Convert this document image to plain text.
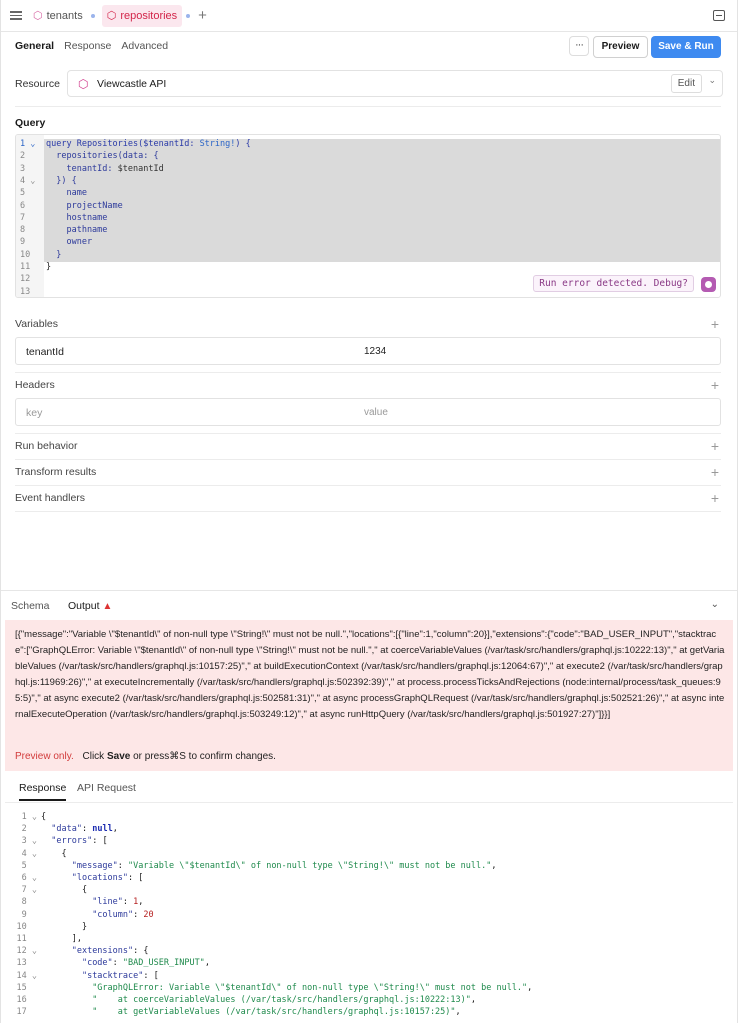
⬡ tenants ⬡ repositories +
General Response Advanced	···	Preview	Save & Run
Resource ⬡ Viewcastle API	Edit	⌄
Query
1 ⌄	query Repositories($tenantId: String!) {
2	repositories(data: {
3	tenantId: $tenantId
4 ⌄	}) {
5	name
6	projectName
7	hostname
8	pathname
9	owner
10	}
11	}
12
13
Run error detected. Debug?
Variables	+
tenantId	1234
Headers	+
key	value
Run behavior	+
Transform results	+
Event handlers	+
Schema Output ▲	⌄
[{"message":"Variable \"$tenantId\" of non-null type \"String!\" must not be null.","locations":[{"line":1,"column":20}],"extensions":{"code":"BAD_USER_INPUT","stacktrace":["GraphQLError: Variable \"$tenantId\" of non-null type \"String!\" must not be null."," at coerceVariableValues (/var/task/src/handlers/graphql.js:10222:13)"," at getVariableValues (/var/task/src/handlers/graphql.js:10157:25)"," at buildExecutionContext (/var/task/src/handlers/graphql.js:12064:67)"," at execute2 (/var/task/src/handlers/graphql.js:11969:26)"," at executeIncrementally (/var/task/src/handlers/graphql.js:502392:39)"," at process.processTicksAndRejections (node:internal/process/task_queues:95:5)"," at async execute2 (/var/task/src/handlers/graphql.js:502581:31)"," at async processGraphQLRequest (/var/task/src/handlers/graphql.js:502521:26)"," at async internalExecuteOperation (/var/task/src/handlers/graphql.js:503249:12)"," at async runHttpQuery (/var/task/src/handlers/graphql.js:501927:27)"]}}]
Preview only. Click Save or press⌘S to confirm changes.
Response API Request
1 ⌄ {
2    "data": null,
3 ⌄ "errors": [
4 ⌄    {
5	"message": "Variable \"$tenantId\" of non-null type \"String!\" must not be null.",
6 ⌄	"locations": [
7 ⌄        {
8	"line": 1,
9	"column": 20
10          }
11        ],
12 ⌄	"extensions": {
13	"code": "BAD_USER_INPUT",
14 ⌄	"stacktrace": [
15	"GraphQLError: Variable \"$tenantId\" of non-null type \"String!\" must not be null.",
16	"    at coerceVariableValues (/var/task/src/handlers/graphql.js:10222:13)",
17	"    at getVariableValues (/var/task/src/handlers/graphql.js:10157:25)",
